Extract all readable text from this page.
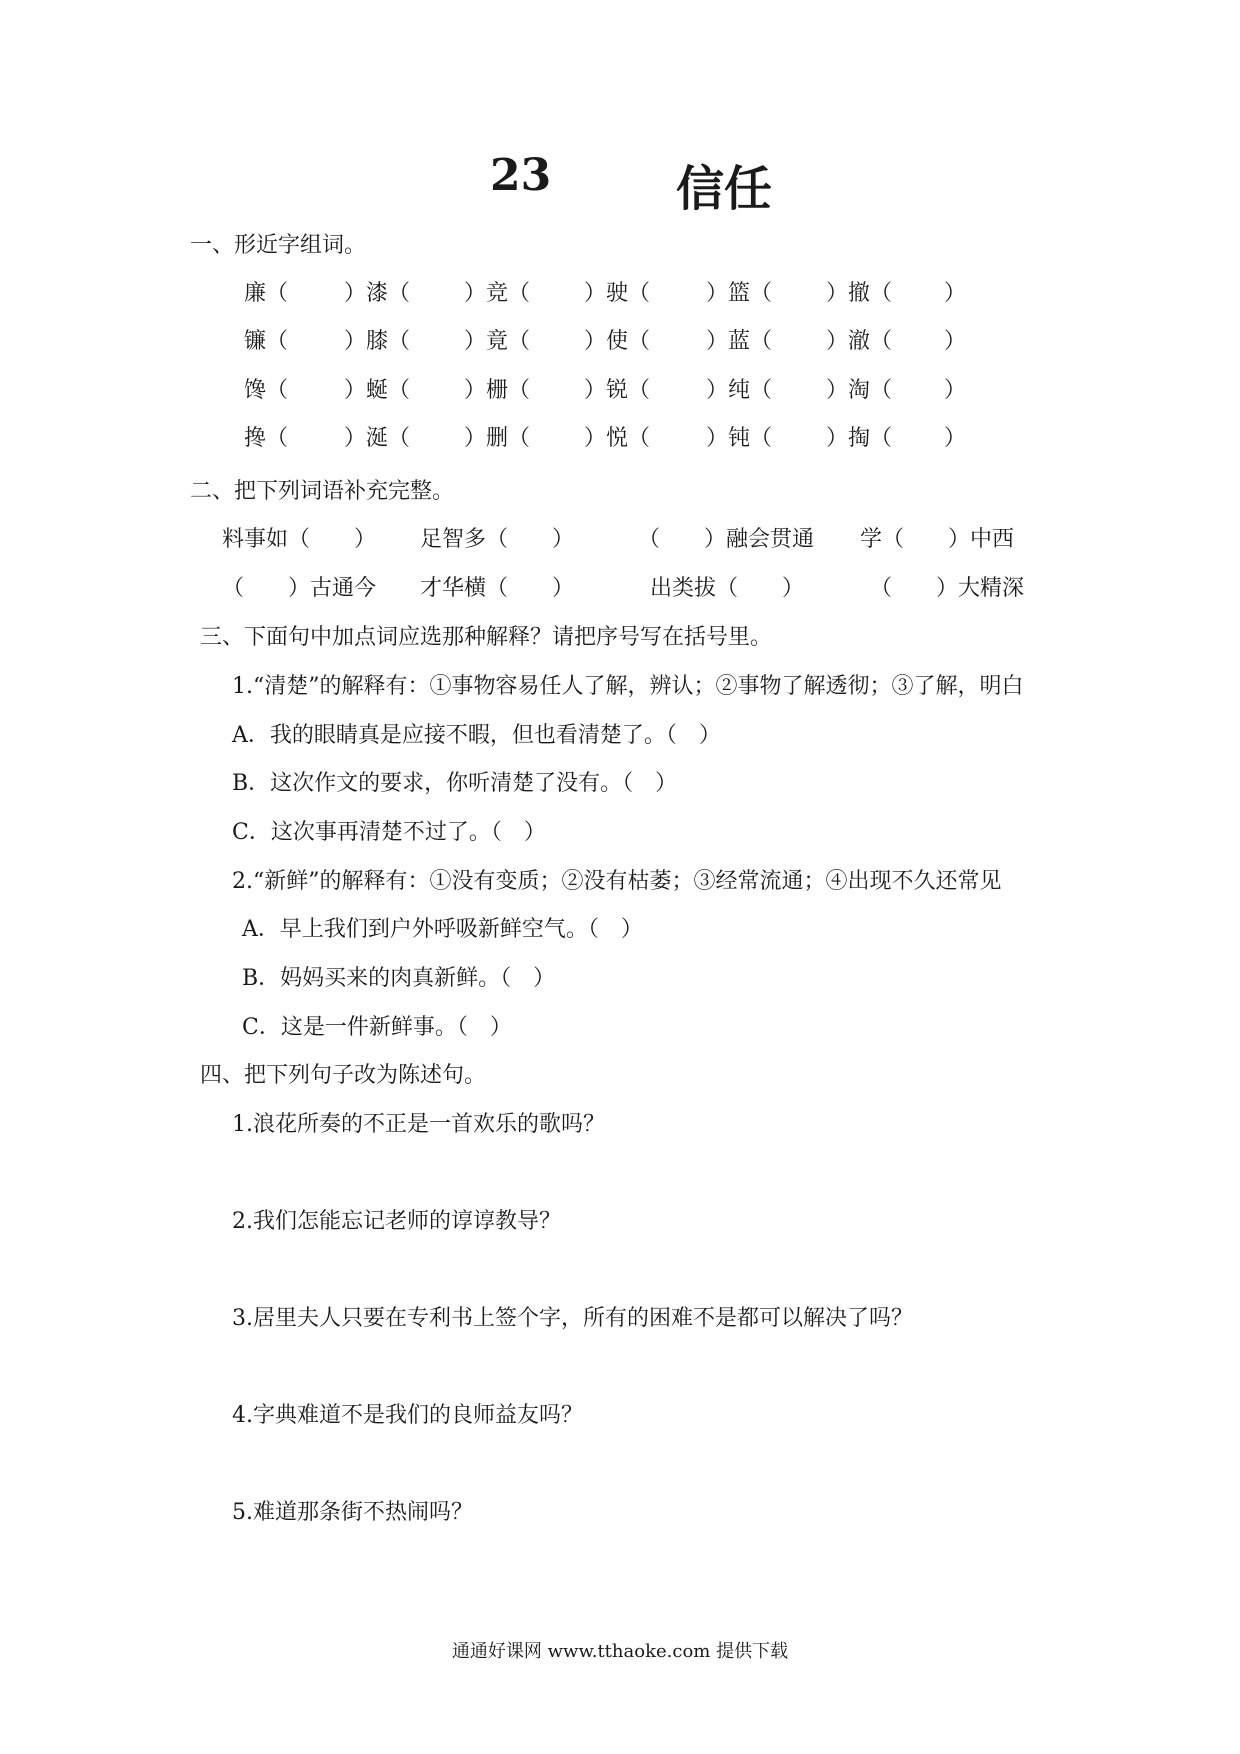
23	信任
一、形近字组词。
廉（	）漆（ ）竞（ ）驶（	）篮（ ）撤（ ）
镰（	）膝（ ）竟（ ）使（	）蓝（ ）澈（ ）
馋（	）蜒（ ）栅（ ）锐（	）纯（ ）淘（ ）
搀（	）涎（ ）删（ ）悦（	）钝（ ）掏（ ）
二、把下列词语补充完整。
料事如（　　） 足智多（　　）	（　　）融会贯通 学（　　）中西
（　　）古通今 才华横（　　）	出类拔（　　）	（　　）大精深
三、下面句中加点词应选那种解释？请把序号写在括号里。
1.“清楚”的解释有：①事物容易任人了解，辨认；②事物了解透彻；③了解，明白
A．我的眼睛真是应接不暇，但也看清楚了。（　）
B．这次作文的要求，你听清楚了没有。（　）
C．这次事再清楚不过了。（　）
2.“新鲜”的解释有：①没有变质；②没有枯萎；③经常流通；④出现不久还常见
A．早上我们到户外呼吸新鲜空气。（　）
B．妈妈买来的肉真新鲜。（　）
C．这是一件新鲜事。（　）
四、把下列句子改为陈述句。
1.浪花所奏的不正是一首欢乐的歌吗？
2.我们怎能忘记老师的谆谆教导？
3.居里夫人只要在专利书上签个字，所有的困难不是都可以解决了吗？
4.字典难道不是我们的良师益友吗？
5.难道那条街不热闹吗？
通通好课网 www.tthaoke.com 提供下载
